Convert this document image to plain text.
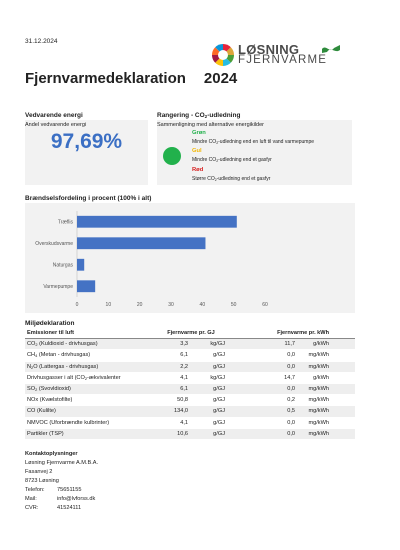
31.12.2024
LØSNING
FJERNVARME
Fjernvarmedeklaration 2024
Vedvarende energi
Andel vedvarende energi
97,69%
Rangering - $CO_2$-udledning
Sammenligning med alternative energikilder
Grøn
Mindre $CO_2$-udledning end en luft til vand varmepumpe
Gul
Mindre $CO_2$-udledning end et gasfyr
Rød
Større $CO_2$-udledning end et gasfyr
Brændselsfordeling i procent (100% i alt)
Træflis
Overskudsvarme
Naturgas
Varmepumpe
0	10	20	30	40	50	60
Miljødeklaration
Emissioner til luft	Fjernvarme pr. GJ		Fjernvarme pr. kWh		
$CO_2$ (Kuldioxid - drivhusgas)	3,3	kg/GJ	11,7	g/kWh	
$CH_4$ (Metan - drivhusgas)	6,1	g/GJ	0,0	mg/kWh	
$N_2O$ (Lattergas - drivhusgas)	2,2	g/GJ	0,0	mg/kWh	
Drivhusgasser i alt ($CO_2$-ækvivalenter	4,1	kg/GJ	14,7	g/kWh	
$SO_2$ (Svovldioxid)	6,1	g/GJ	0,0	mg/kWh	
NOx (Kvælstofilte)	50,8	g/GJ	0,2	mg/kWh	
CO (Kulilte)	134,0	g/GJ	0,5	mg/kWh	
NMVOC (Uforbrændte kulbrinter)	4,1	g/GJ	0,0	mg/kWh	
Partikler (TSP)	10,6	g/GJ	0,0	mg/kWh	
Kontaktoplysninger
Løsning Fjernvarme A.M.B.A.
Fasanvej 2
8723 Løsning
Telefon: 75651155
Mail:	info@lvforss.dk
CVR:	41524111
